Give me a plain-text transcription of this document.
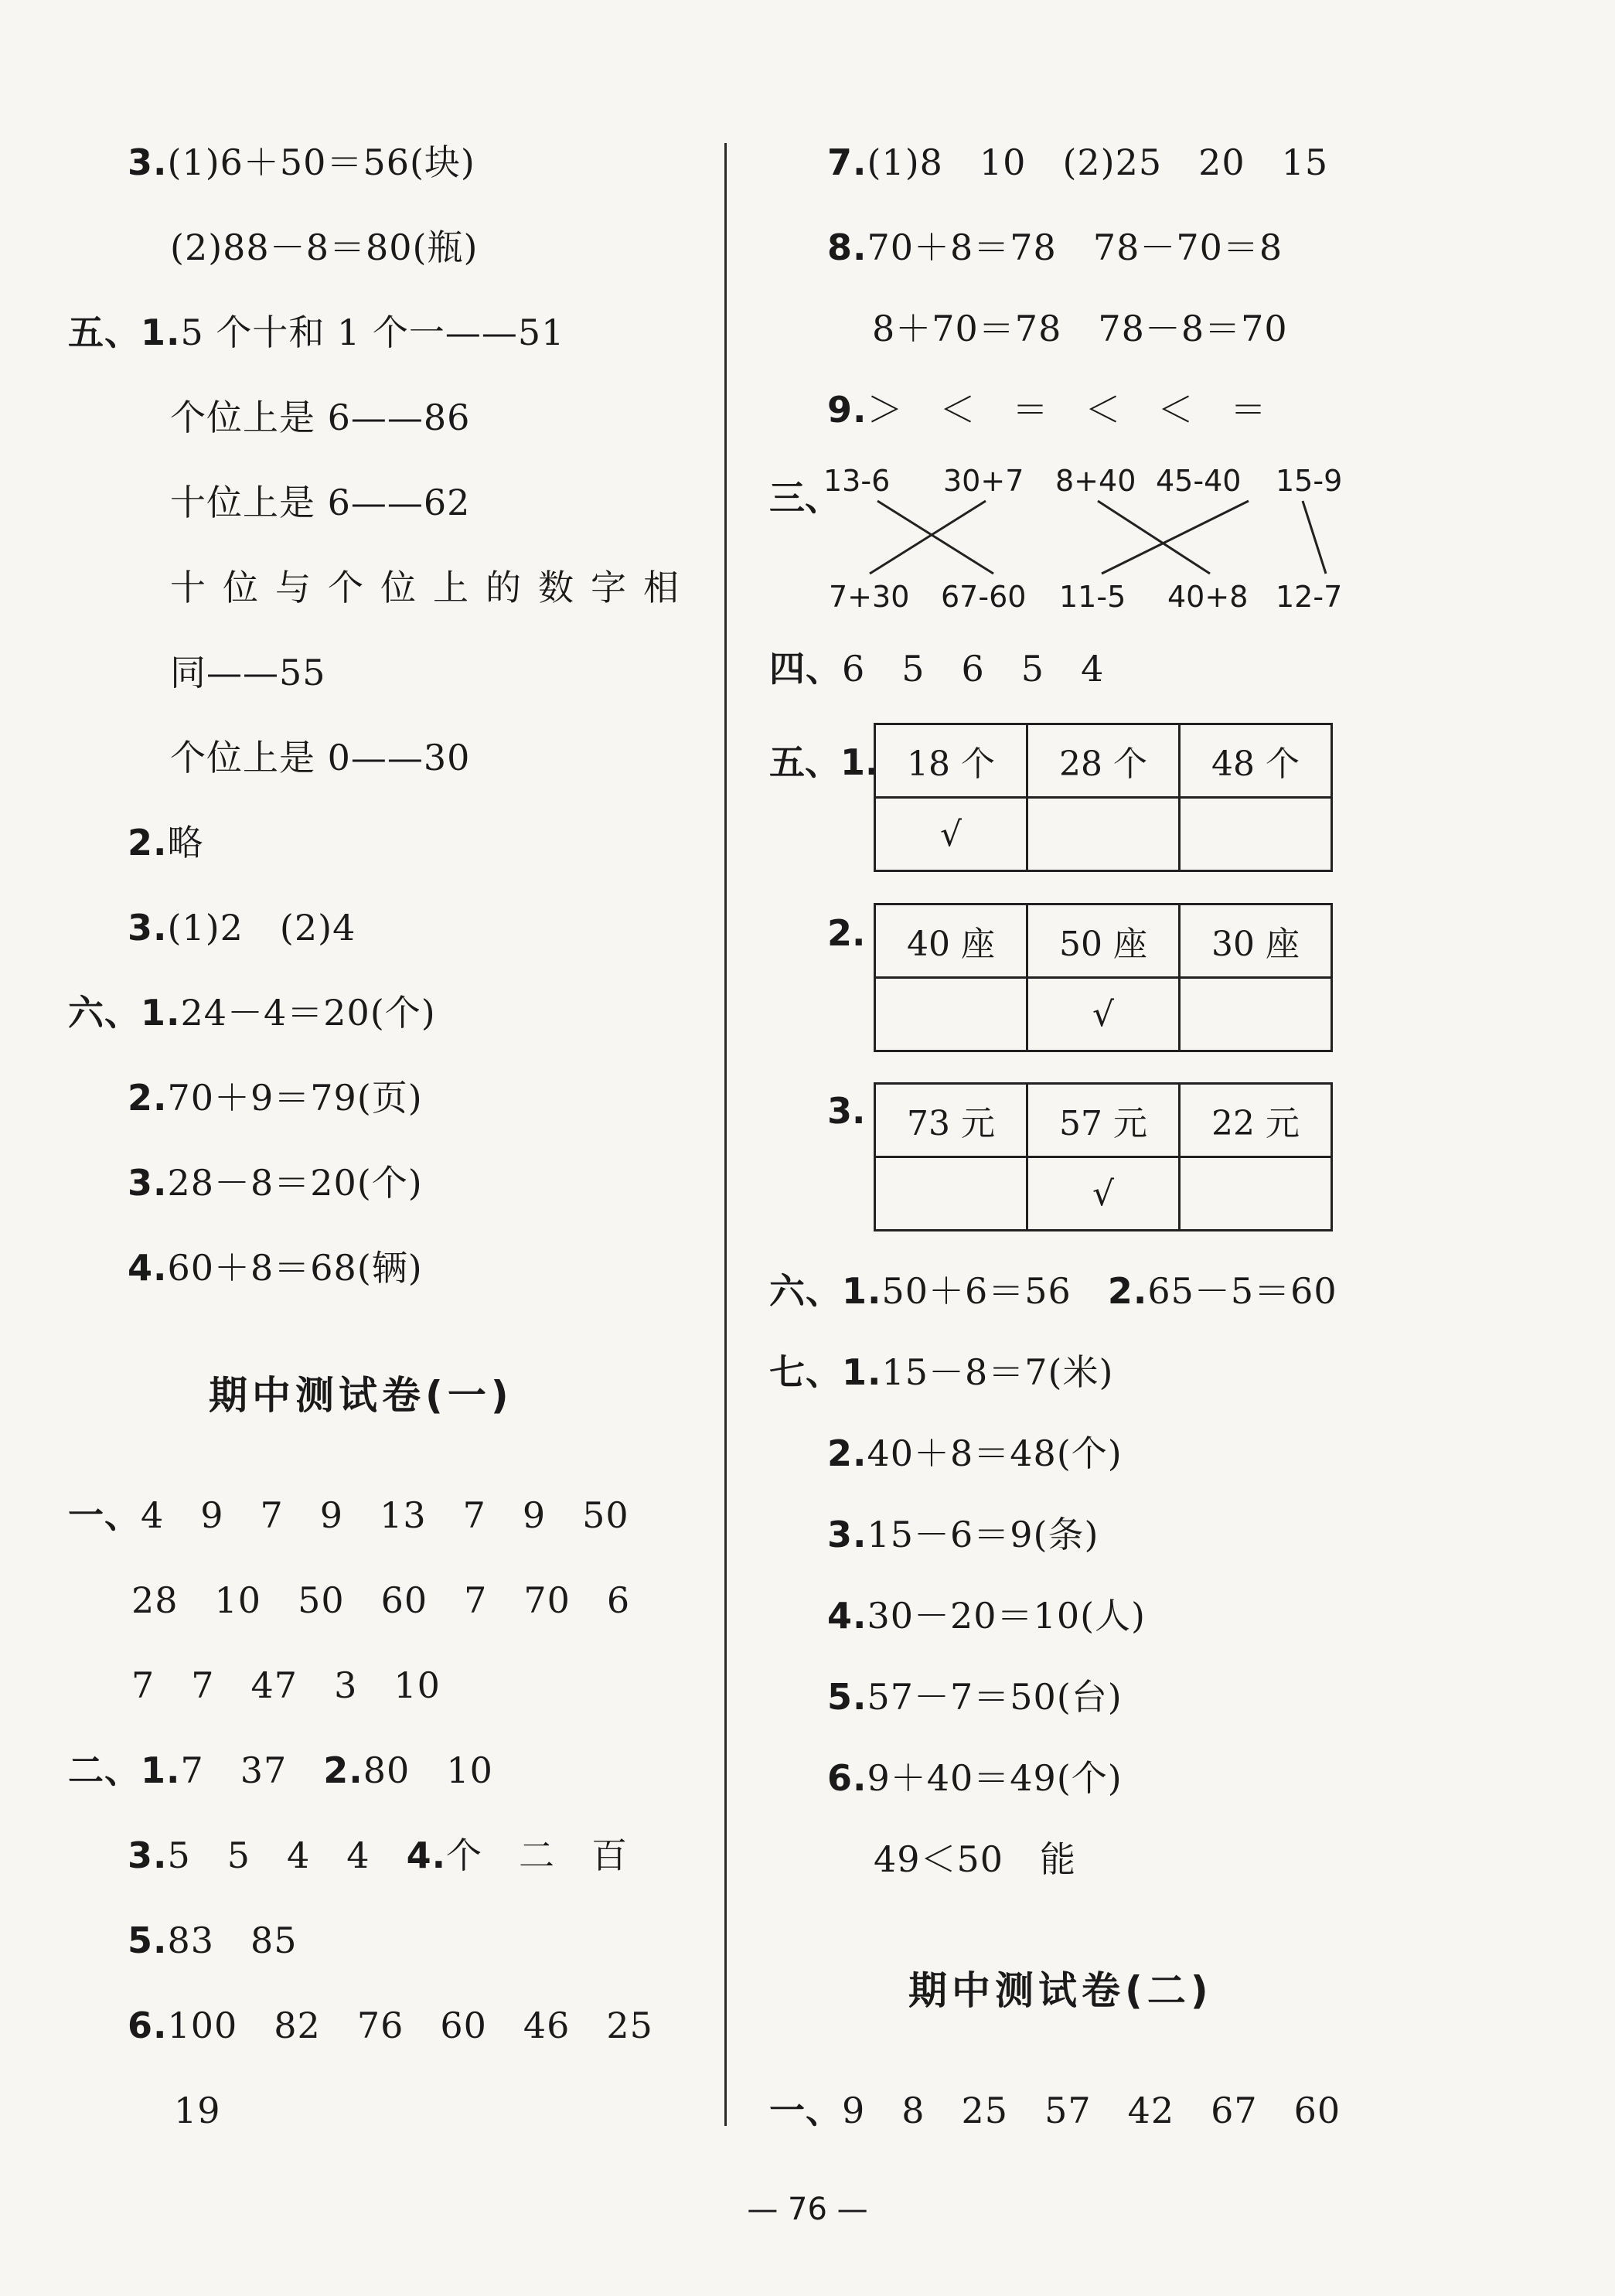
3.(1)6＋50＝56(块)
(2)88－8＝80(瓶)
五、1.5 个十和 1 个一——51
个位上是 6——86
十位上是 6——62
十位与个位上的数字相
同——55
个位上是 0——30
2.略
3.(1)2　(2)4
六、1.24－4＝20(个)
2.70＋9＝79(页)
3.28－8＝20(个)
4.60＋8＝68(辆)
期中测试卷(一)
一、4　9　7　9　13　7　9　50
28　10　50　60　7　70　6
7　7　47　3　10
二、1.7　37　2.80　10
3.5　5　4　4　4.个　二　百
5.83　85
6.100　82　76　60　46　25
19
7.(1)8　10　(2)25　20　15
8.70＋8＝78　78－70＝8
8＋70＝78　78－8＝70
9.＞　＜　＝　＜　＜　＝
三、
13-6 30+7 8+40 45-40 15-9
7+30 67-60 11-5 40+8 12-7
四、6　5　6　5　4
五、1. 18 个	28 个	48 个
√		
2. 40 座	50 座	30 座
	√	
3. 73 元	57 元	22 元
	√	
六、1.50＋6＝56　2.65－5＝60
七、1.15－8＝7(米)
2.40＋8＝48(个)
3.15－6＝9(条)
4.30－20＝10(人)
5.57－7＝50(台)
6.9＋40＝49(个)
49＜50　能
期中测试卷(二)
一、9　8　25　57　42　67　60
— 76 —
